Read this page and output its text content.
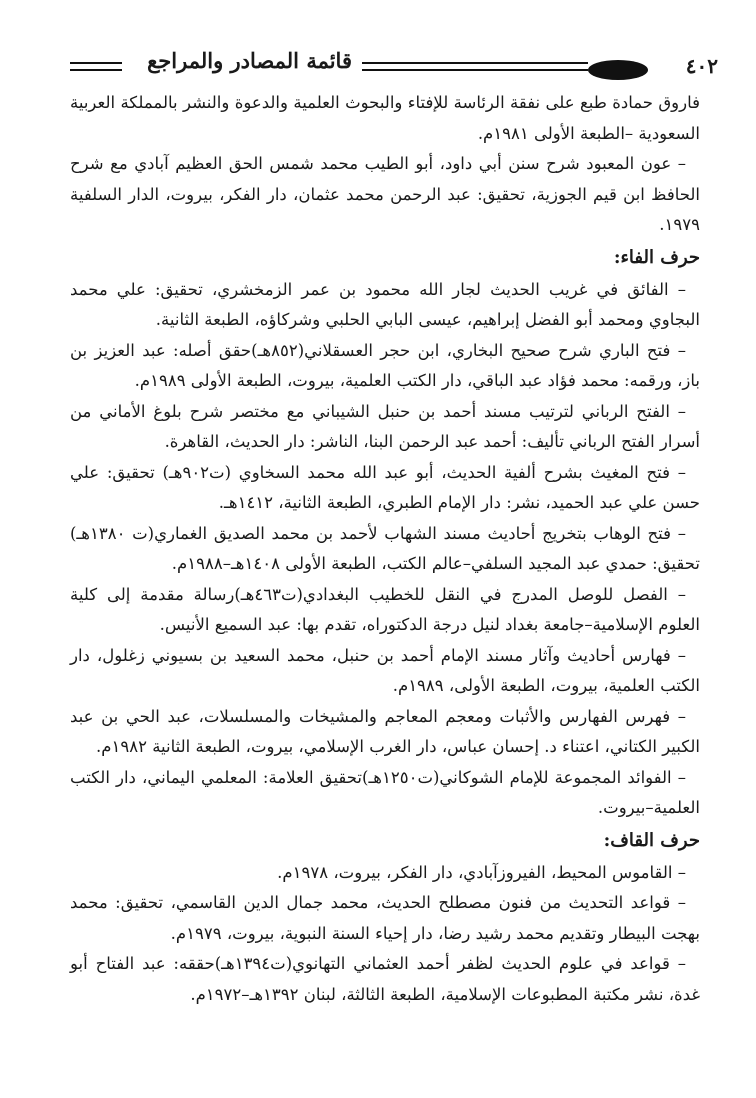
٤٠٢
قائمة المصادر والمراجع

فاروق حمادة طبع على نفقة الرئاسة للإفتاء والبحوث العلمية والدعوة والنشر بالمملكة العربية السعودية –الطبعة الأولى ١٩٨١م.

– عون المعبود شرح سنن أبي داود، أبو الطيب محمد شمس الحق العظيم آبادي مع شرح الحافظ ابن قيم الجوزية، تحقيق: عبد الرحمن محمد عثمان، دار الفكر، بيروت، الدار السلفية ١٩٧٩.

حرف الفاء:

– الفائق في غريب الحديث لجار الله محمود بن عمر الزمخشري، تحقيق: علي محمد البجاوي ومحمد أبو الفضل إبراهيم، عيسى البابي الحلبي وشركاؤه، الطبعة الثانية.

– فتح الباري شرح صحيح البخاري، ابن حجر العسقلاني(٨٥٢هـ)حقق أصله: عبد العزيز بن باز، ورقمه: محمد فؤاد عبد الباقي، دار الكتب العلمية، بيروت، الطبعة الأولى ١٩٨٩م.

– الفتح الرباني لترتيب مسند أحمد بن حنبل الشيباني مع مختصر شرح بلوغ الأماني من أسرار الفتح الرباني تأليف: أحمد عبد الرحمن البنا، الناشر: دار الحديث، القاهرة.

– فتح المغيث بشرح ألفية الحديث، أبو عبد الله محمد السخاوي (ت٩٠٢هـ) تحقيق: علي حسن علي عبد الحميد، نشر: دار الإمام الطبري، الطبعة الثانية، ١٤١٢هـ.

– فتح الوهاب بتخريج أحاديث مسند الشهاب لأحمد بن محمد الصديق الغماري(ت ١٣٨٠هـ) تحقيق: حمدي عبد المجيد السلفي–عالم الكتب، الطبعة الأولى ١٤٠٨هـ–١٩٨٨م.

– الفصل للوصل المدرج في النقل للخطيب البغدادي(ت٤٦٣هـ)رسالة مقدمة إلى كلية العلوم الإسلامية–جامعة بغداد لنيل درجة الدكتوراه، تقدم بها: عبد السميع الأنيس.

– فهارس أحاديث وآثار مسند الإمام أحمد بن حنبل، محمد السعيد بن بسيوني زغلول، دار الكتب العلمية، بيروت، الطبعة الأولى، ١٩٨٩م.

– فهرس الفهارس والأثبات ومعجم المعاجم والمشيخات والمسلسلات، عبد الحي بن عبد الكبير الكتاني، اعتناء د. إحسان عباس، دار الغرب الإسلامي، بيروت، الطبعة الثانية ١٩٨٢م.

– الفوائد المجموعة للإمام الشوكاني(ت١٢٥٠هـ)تحقيق العلامة: المعلمي اليماني، دار الكتب العلمية–بيروت.

حرف القاف:

– القاموس المحيط، الفيروزآبادي، دار الفكر، بيروت، ١٩٧٨م.

– قواعد التحديث من فنون مصطلح الحديث، محمد جمال الدين القاسمي، تحقيق: محمد بهجت البيطار وتقديم محمد رشيد رضا، دار إحياء السنة النبوية، بيروت، ١٩٧٩م.

– قواعد في علوم الحديث لظفر أحمد العثماني التهانوي(ت١٣٩٤هـ)حققه: عبد الفتاح أبو غدة، نشر مكتبة المطبوعات الإسلامية، الطبعة الثالثة، لبنان ١٣٩٢هـ–١٩٧٢م.
